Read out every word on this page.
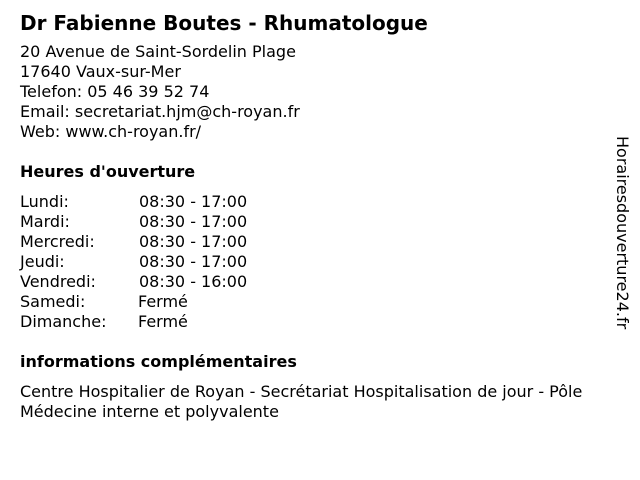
Dr Fabienne Boutes - Rhumatologue
20 Avenue de Saint-Sordelin Plage
17640 Vaux-sur-Mer
Telefon: 05 46 39 52 74
Email: secretariat.hjm@ch-royan.fr
Web: www.ch-royan.fr/
Heures d'ouverture
Lundi:	08:30 - 17:00
Mardi:	08:30 - 17:00
Mercredi:	08:30 - 17:00
Jeudi:	08:30 - 17:00
Vendredi:	08:30 - 16:00
Samedi:	Fermé
Dimanche:	Fermé
informations complémentaires
Centre Hospitalier de Royan - Secrétariat Hospitalisation de jour - Pôle Médecine interne et polyvalente
Horairesdouverture24.fr
